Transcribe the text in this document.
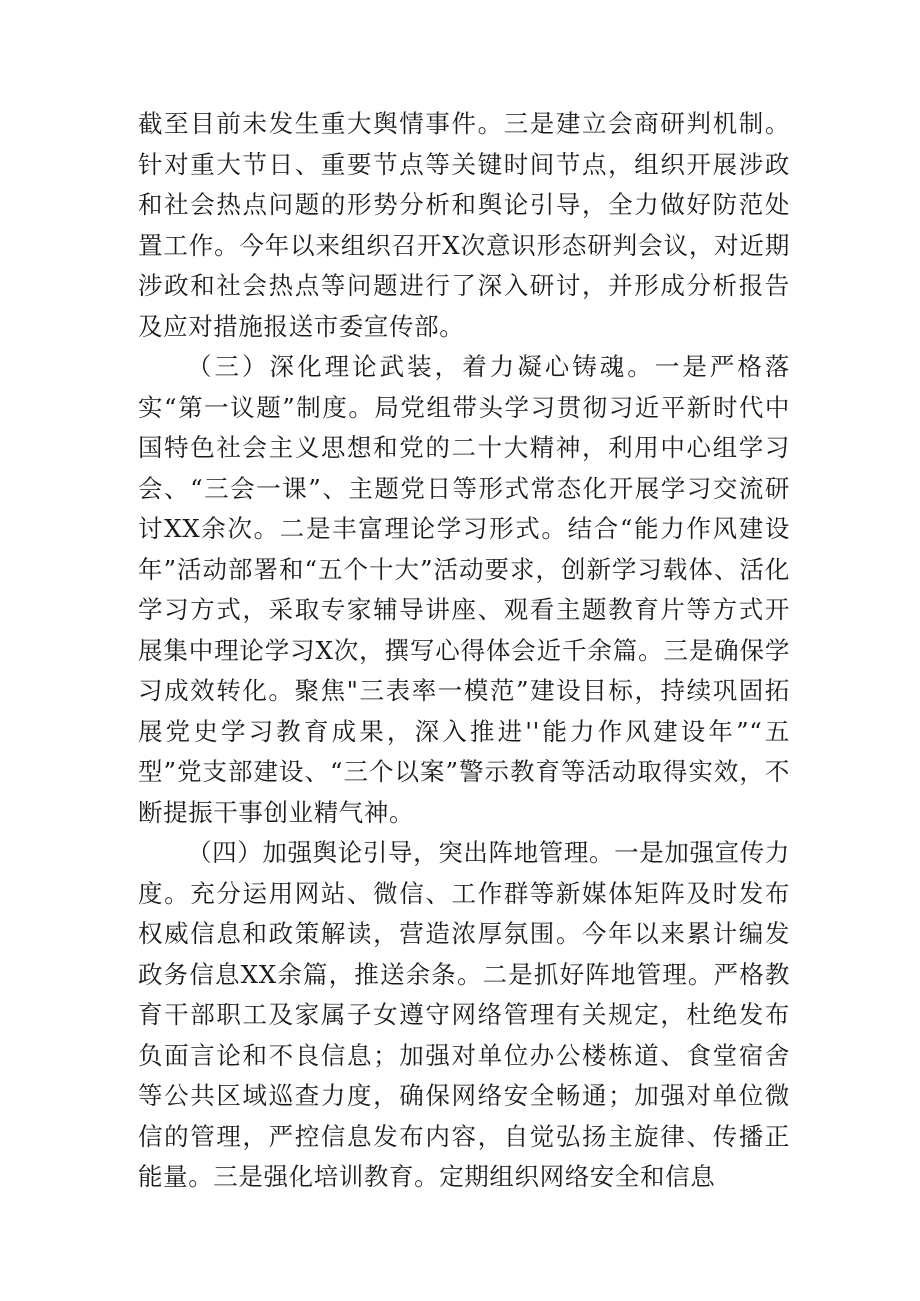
截至目前未发生重大舆情事件。三是建立会商研判机制。针对重大节日、重要节点等关键时间节点，组织开展涉政和社会热点问题的形势分析和舆论引导，全力做好防范处置工作。今年以来组织召开X次意识形态研判会议，对近期涉政和社会热点等问题进行了深入研讨，并形成分析报告及应对措施报送市委宣传部。

（三）深化理论武装，着力凝心铸魂。一是严格落实“第一议题”制度。局党组带头学习贯彻习近平新时代中国特色社会主义思想和党的二十大精神，利用中心组学习会、“三会一课”、主题党日等形式常态化开展学习交流研讨XX余次。二是丰富理论学习形式。结合“能力作风建设年”活动部署和“五个十大”活动要求，创新学习载体、活化学习方式，采取专家辅导讲座、观看主题教育片等方式开展集中理论学习X次，撰写心得体会近千余篇。三是确保学习成效转化。聚焦"三表率一模范”建设目标，持续巩固拓展党史学习教育成果，深入推进''能力作风建设年”“五型”党支部建设、“三个以案”警示教育等活动取得实效，不断提振干事创业精气神。

（四）加强舆论引导，突出阵地管理。一是加强宣传力度。充分运用网站、微信、工作群等新媒体矩阵及时发布权威信息和政策解读，营造浓厚氛围。今年以来累计编发政务信息XX余篇，推送余条。二是抓好阵地管理。严格教育干部职工及家属子女遵守网络管理有关规定，杜绝发布负面言论和不良信息；加强对单位办公楼栋道、食堂宿舍等公共区域巡查力度，确保网络安全畅通；加强对单位微信的管理，严控信息发布内容，自觉弘扬主旋律、传播正能量。三是强化培训教育。定期组织网络安全和信息
